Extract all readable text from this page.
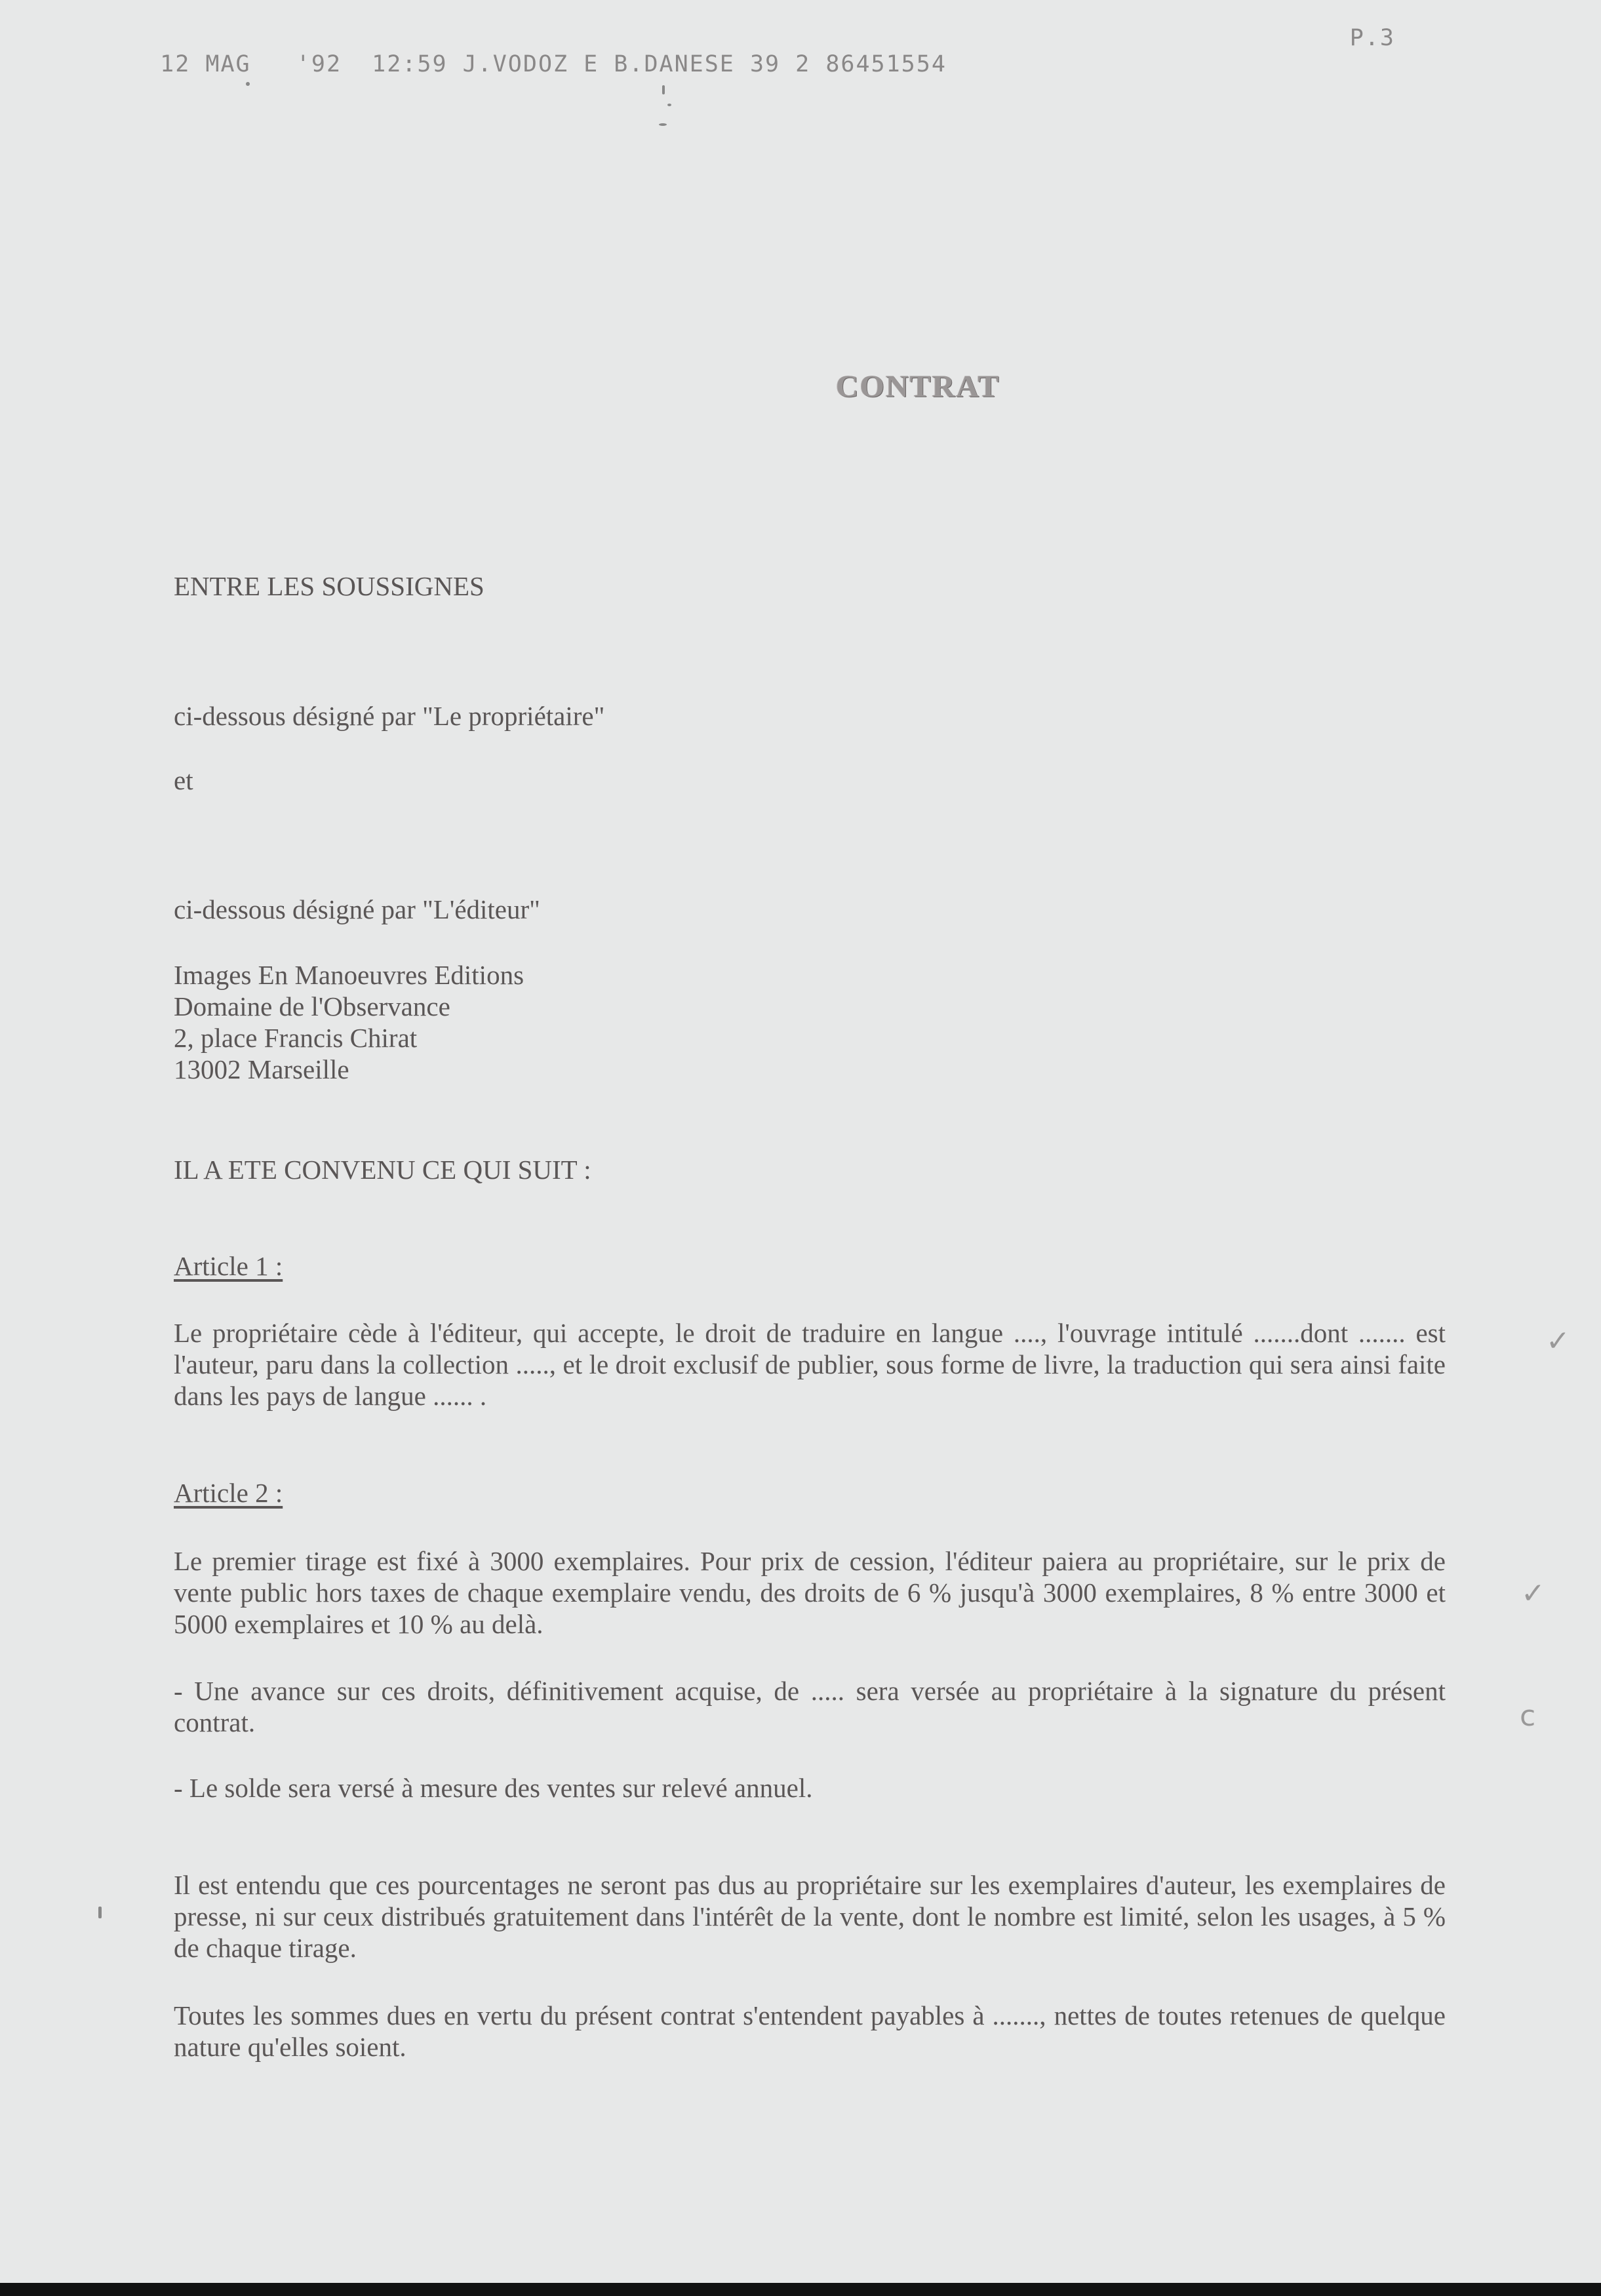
12 MAG   '92  12:59 J.VODOZ E B.DANESE 39 2 86451554

P.3

CONTRAT
ENTRE LES SOUSSIGNES
ci-dessous désigné par "Le propriétaire"
et
ci-dessous désigné par "L'éditeur"
Images En Manoeuvres Editions
Domaine de l'Observance
2, place Francis Chirat
13002 Marseille
IL A ETE CONVENU CE QUI SUIT :
Article 1 :
Le propriétaire cède à l'éditeur, qui accepte, le droit de traduire en langue ...., l'ouvrage intitulé .......dont ....... est l'auteur, paru dans la collection ....., et le droit exclusif de publier, sous forme de livre, la traduction qui sera ainsi faite dans les pays de langue ...... .
Article 2 :
Le premier tirage est fixé à 3000 exemplaires. Pour prix de cession, l'éditeur paiera au propriétaire, sur le prix de vente public hors taxes de chaque exemplaire vendu, des droits de 6 % jusqu'à 3000 exemplaires, 8 % entre 3000 et 5000 exemplaires et 10 % au delà.
- Une avance sur ces droits, définitivement acquise, de ..... sera versée au propriétaire à la signature du présent contrat.
- Le solde sera versé à mesure des ventes sur relevé annuel.
Il est entendu que ces pourcentages ne seront pas dus au propriétaire sur les exemplaires d'auteur, les exemplaires de presse, ni sur ceux distribués gratuitement dans l'intérêt de la vente, dont le nombre est limité, selon les usages, à 5 % de chaque tirage.
Toutes les sommes dues en vertu du présent contrat s'entendent payables à ......., nettes de toutes retenues de quelque nature qu'elles soient.
✓
✓
c
